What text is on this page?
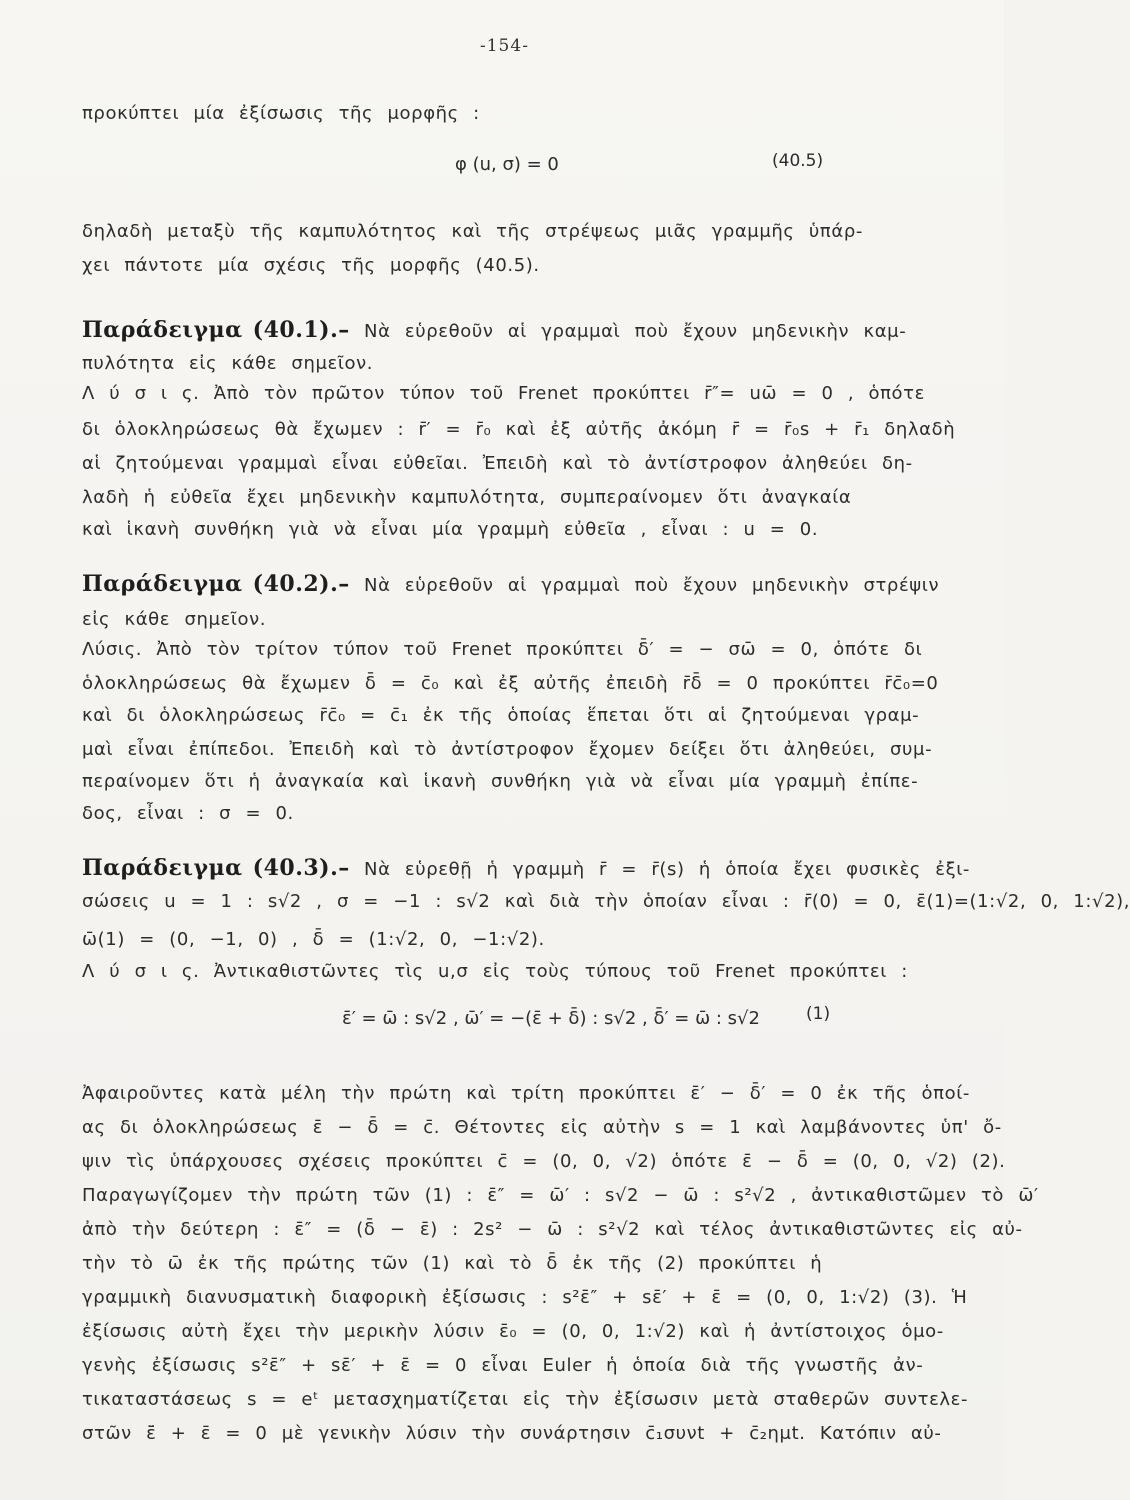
-154-
προκύπτει μία ἐξίσωσις τῆς μορφῆς :
φ (u, σ) = 0	(40.5)
δηλαδὴ μεταξὺ τῆς καμπυλότητος καὶ τῆς στρέψεως μιᾶς γραμμῆς ὑπάρ-
χει πάντοτε μία σχέσις τῆς μορφῆς (40.5).
Παράδειγμα (40.1).– Νὰ εὑρεθοῦν αἱ γραμμαὶ ποὺ ἔχουν μηδενικὴν καμ-
πυλότητα εἰς κάθε σημεῖον.
Λ ύ σ ι ς. Ἀπὸ τὸν πρῶτον τύπον τοῦ Frenet προκύπτει r̄″= uω̄ = 0 , ὁπότε
δι ὁλοκληρώσεως θὰ ἔχωμεν : r̄′ = r̄₀ καὶ ἐξ αὐτῆς ἀκόμη r̄ = r̄₀s + r̄₁ δηλαδὴ
αἱ ζητούμεναι γραμμαὶ εἶναι εὐθεῖαι. Ἐπειδὴ καὶ τὸ ἀντίστροφον ἀληθεύει δη-
λαδὴ ἡ εὐθεῖα ἔχει μηδενικὴν καμπυλότητα, συμπεραίνομεν ὅτι ἀναγκαία
καὶ ἱκανὴ συνθήκη γιὰ νὰ εἶναι μία γραμμὴ εὐθεῖα , εἶναι : u = 0.
Παράδειγμα (40.2).– Νὰ εὑρεθοῦν αἱ γραμμαὶ ποὺ ἔχουν μηδενικὴν στρέψιν
εἰς κάθε σημεῖον.
Λύσις. Ἀπὸ τὸν τρίτον τύπον τοῦ Frenet προκύπτει δ̄′ = − σω̄ = 0, ὁπότε δι
ὁλοκληρώσεως θὰ ἔχωμεν δ̄ = c̄₀ καὶ ἐξ αὐτῆς ἐπειδὴ r̄δ̄ = 0 προκύπτει r̄c̄₀=0
καὶ δι ὁλοκληρώσεως r̄c̄₀ = c̄₁ ἐκ τῆς ὁποίας ἕπεται ὅτι αἱ ζητούμεναι γραμ-
μαὶ εἶναι ἐπίπεδοι. Ἐπειδὴ καὶ τὸ ἀντίστροφον ἔχομεν δείξει ὅτι ἀληθεύει, συμ-
περαίνομεν ὅτι ἡ ἀναγκαία καὶ ἱκανὴ συνθήκη γιὰ νὰ εἶναι μία γραμμὴ ἐπίπε-
δος, εἶναι : σ = 0.
Παράδειγμα (40.3).– Νὰ εὑρεθῇ ἡ γραμμὴ r̄ = r̄(s) ἡ ὁποία ἔχει φυσικὲς ἐξι-
σώσεις u = 1 : s√2 , σ = −1 : s√2 καὶ διὰ τὴν ὁποίαν εἶναι : r̄(0) = 0, ε̄(1)=(1:√2, 0, 1:√2),
ω̄(1) = (0, −1, 0) , δ̄ = (1:√2, 0, −1:√2).
Λ ύ σ ι ς. Ἀντικαθιστῶντες τὶς u,σ εἰς τοὺς τύπους τοῦ Frenet προκύπτει :
ε̄′ = ω̄ : s√2 , ω̄′ = −(ε̄ + δ̄) : s√2 , δ̄′ = ω̄ : s√2	(1)
Ἀφαιροῦντες κατὰ μέλη τὴν πρώτη καὶ τρίτη προκύπτει ε̄′ − δ̄′ = 0 ἐκ τῆς ὁποί-
ας δι ὁλοκληρώσεως ε̄ − δ̄ = c̄. Θέτοντες εἰς αὐτὴν s = 1 καὶ λαμβάνοντες ὑπ' ὄ-
ψιν τὶς ὑπάρχουσες σχέσεις προκύπτει c̄ = (0, 0, √2) ὁπότε ε̄ − δ̄ = (0, 0, √2) (2).
Παραγωγίζομεν τὴν πρώτη τῶν (1) : ε̄″ = ω̄′ : s√2 − ω̄ : s²√2 , ἀντικαθιστῶμεν τὸ ω̄′
ἀπὸ τὴν δεύτερη : ε̄″ = (δ̄ − ε̄) : 2s² − ω̄ : s²√2 καὶ τέλος ἀντικαθιστῶντες εἰς αὐ-
τὴν τὸ ω̄ ἐκ τῆς πρώτης τῶν (1) καὶ τὸ δ̄ ἐκ τῆς (2) προκύπτει ἡ
γραμμικὴ διανυσματικὴ διαφορικὴ ἐξίσωσις : s²ε̄″ + sε̄′ + ε̄ = (0, 0, 1:√2) (3). Ἡ
ἐξίσωσις αὐτὴ ἔχει τὴν μερικὴν λύσιν ε̄₀ = (0, 0, 1:√2) καὶ ἡ ἀντίστοιχος ὁμο-
γενὴς ἐξίσωσις s²ε̄″ + sε̄′ + ε̄ = 0 εἶναι Euler ἡ ὁποία διὰ τῆς γνωστῆς ἀν-
τικαταστάσεως s = eᵗ μετασχηματίζεται εἰς τὴν ἐξίσωσιν μετὰ σταθερῶν συντελε-
στῶν ε̄̈ + ε̄ = 0 μὲ γενικὴν λύσιν τὴν συνάρτησιν c̄₁συνt + c̄₂ημt. Κατόπιν αὐ-
